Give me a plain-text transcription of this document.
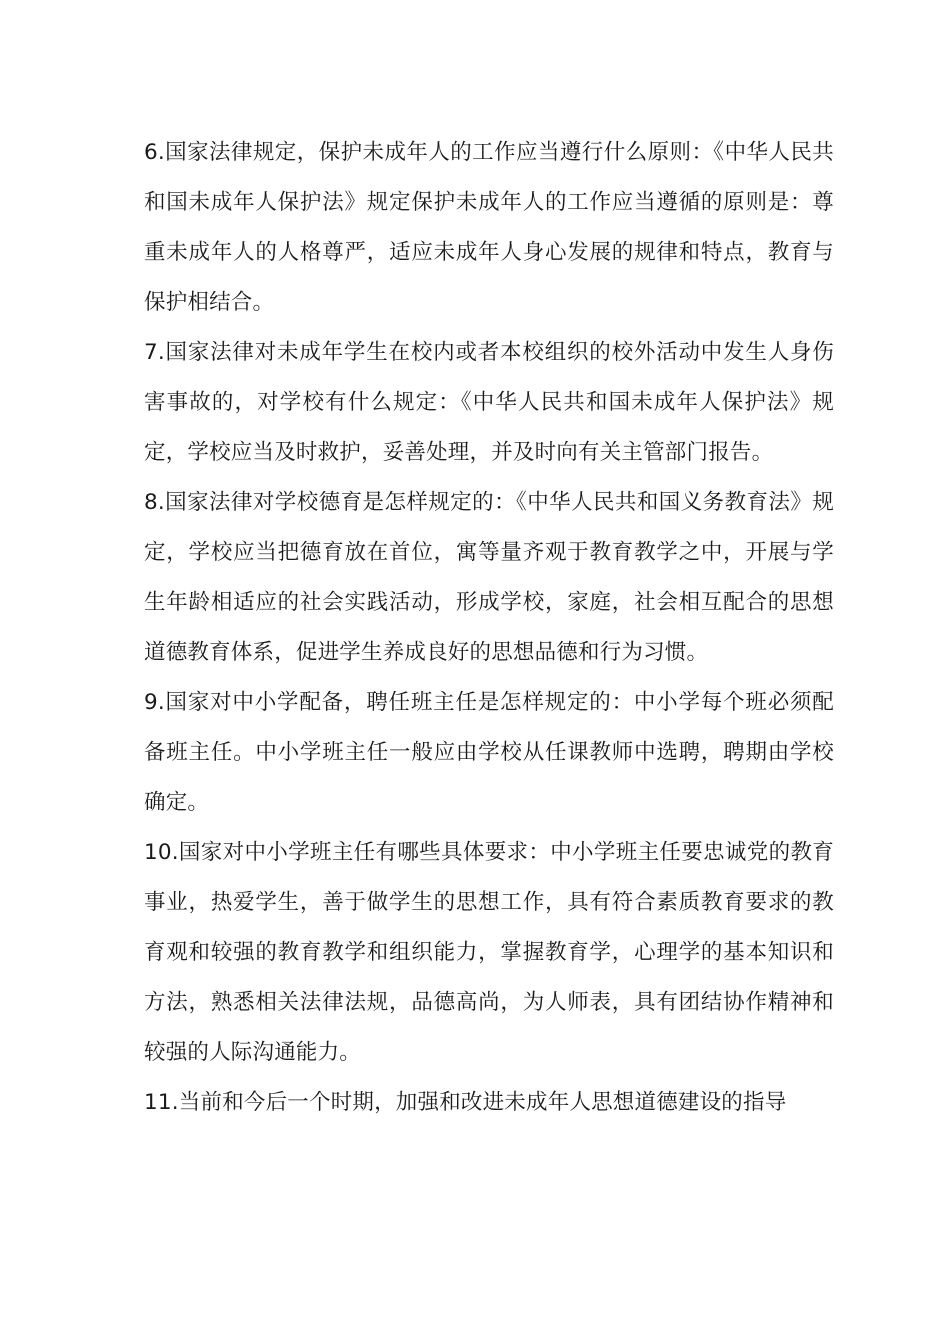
6.国家法律规定，保护未成年人的工作应当遵行什么原则：《中华人民共和国未成年人保护法》规定保护未成年人的工作应当遵循的原则是：尊重未成年人的人格尊严，适应未成年人身心发展的规律和特点，教育与保护相结合。

7.国家法律对未成年学生在校内或者本校组织的校外活动中发生人身伤害事故的，对学校有什么规定：《中华人民共和国未成年人保护法》规定，学校应当及时救护，妥善处理，并及时向有关主管部门报告。

8.国家法律对学校德育是怎样规定的：《中华人民共和国义务教育法》规定，学校应当把德育放在首位，寓等量齐观于教育教学之中，开展与学生年龄相适应的社会实践活动，形成学校，家庭，社会相互配合的思想道德教育体系，促进学生养成良好的思想品德和行为习惯。

9.国家对中小学配备，聘任班主任是怎样规定的：中小学每个班必须配备班主任。中小学班主任一般应由学校从任课教师中选聘，聘期由学校确定。

10.国家对中小学班主任有哪些具体要求：中小学班主任要忠诚党的教育事业，热爱学生，善于做学生的思想工作，具有符合素质教育要求的教育观和较强的教育教学和组织能力，掌握教育学，心理学的基本知识和方法，熟悉相关法律法规，品德高尚，为人师表，具有团结协作精神和较强的人际沟通能力。

11.当前和今后一个时期，加强和改进未成年人思想道德建设的指导
